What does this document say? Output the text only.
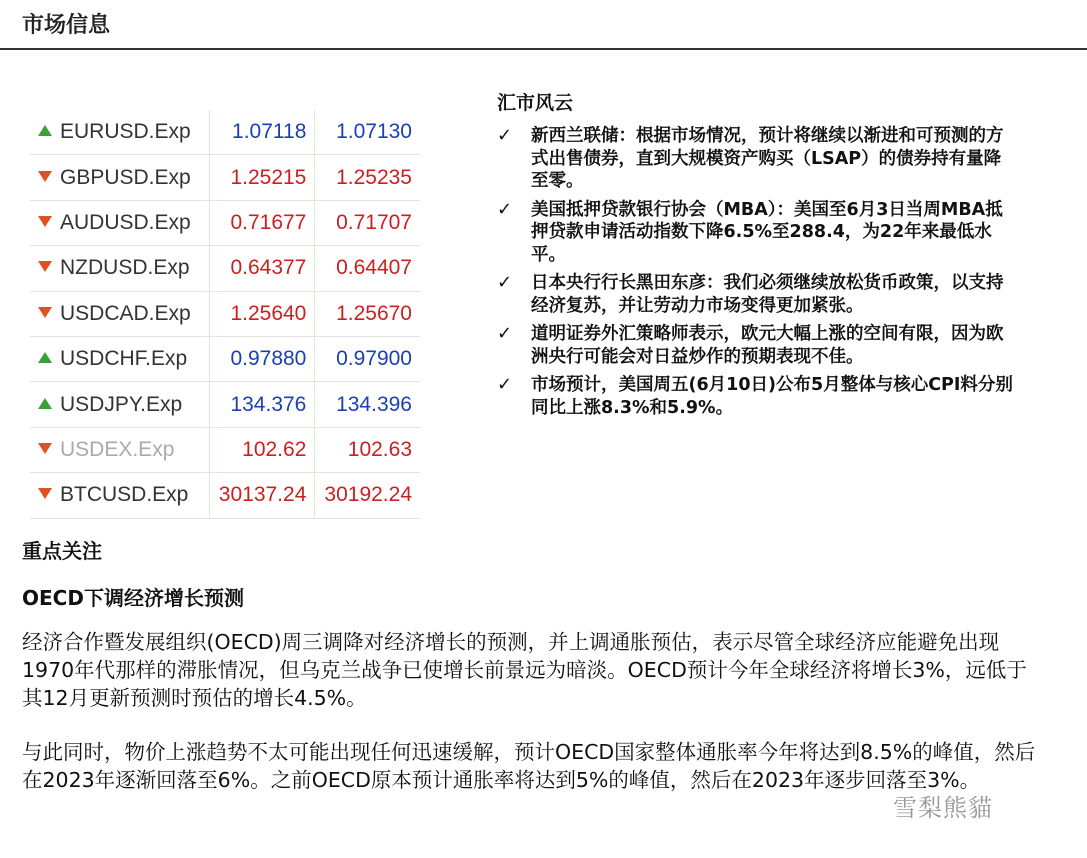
市场信息
EURUSD.Exp	1.07118	1.07130
GBPUSD.Exp	1.25215	1.25235
AUDUSD.Exp	0.71677	0.71707
NZDUSD.Exp	0.64377	0.64407
USDCAD.Exp	1.25640	1.25670
USDCHF.Exp	0.97880	0.97900
USDJPY.Exp	134.376	134.396
USDEX.Exp	102.62	102.63
BTCUSD.Exp	30137.24	30192.24
汇市风云
✓ 新西兰联储：根据市场情况，预计将继续以渐进和可预测的方式出售债券，直到大规模资产购买（LSAP）的债券持有量降至零。
✓ 美国抵押贷款银行协会（MBA）：美国至6月3日当周MBA抵押贷款申请活动指数下降6.5%至288.4，为22年来最低水平。
✓ 日本央行行长黑田东彦：我们必须继续放松货币政策，以支持经济复苏，并让劳动力市场变得更加紧张。
✓ 道明证券外汇策略师表示，欧元大幅上涨的空间有限，因为欧洲央行可能会对日益炒作的预期表现不佳。
✓ 市场预计，美国周五(6月10日)公布5月整体与核心CPI料分别同比上涨8.3%和5.9%。
重点关注
OECD下调经济增长预测

经济合作暨发展组织(OECD)周三调降对经济增长的预测，并上调通胀预估，表示尽管全球经济应能避免出现1970年代那样的滞胀情况，但乌克兰战争已使增长前景远为暗淡。OECD预计今年全球经济将增长3%，远低于其12月更新预测时预估的增长4.5%。

与此同时，物价上涨趋势不太可能出现任何迅速缓解，预计OECD国家整体通胀率今年将达到8.5%的峰值，然后在2023年逐渐回落至6%。之前OECD原本预计通胀率将达到5%的峰值，然后在2023年逐步回落至3%。

雪梨熊貓
